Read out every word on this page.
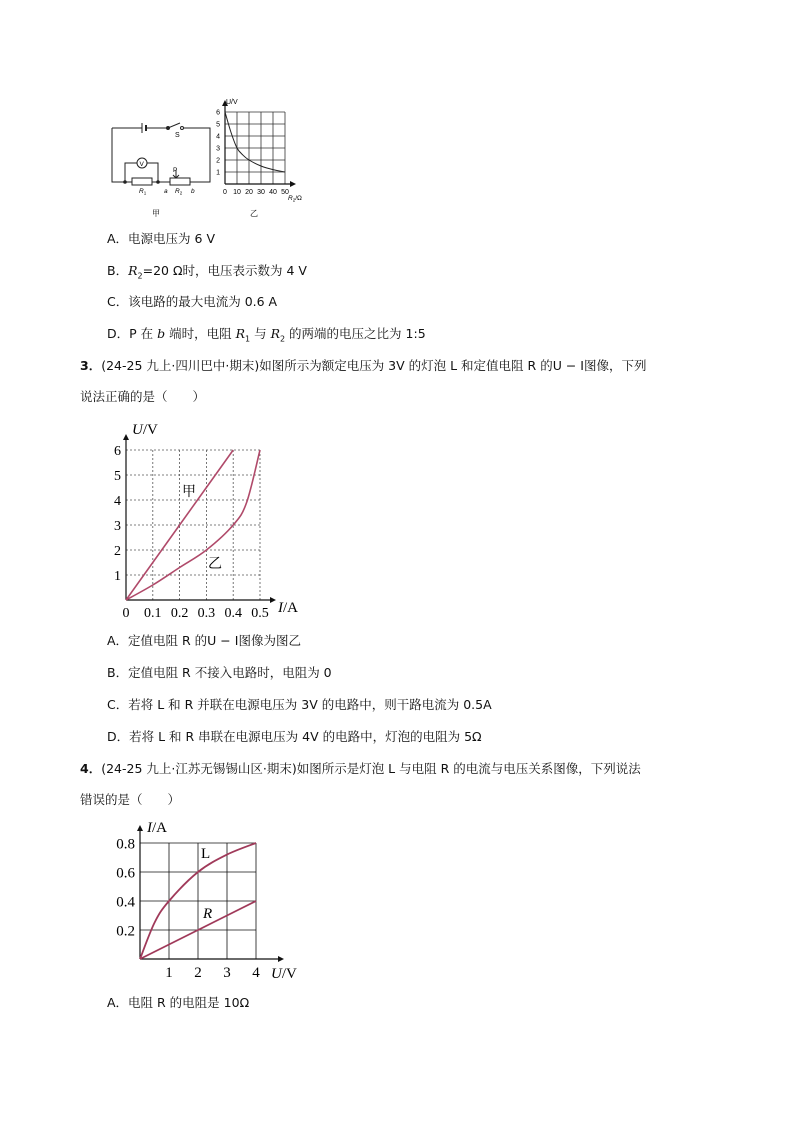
S
V
P
a	b
$R_1$	$R_2$
甲
0 10 20 30 40 50
1
2
3
4
5
6
U/V
$R_2/\Omega$
乙
A．电源电压为 6 V
B．$R_2=20$ Ω时，电压表示数为 4 V
C．该电路的最大电流为 0.6 A
D．P 在 b 端时，电阻 $R_1$ 与 $R_2$ 的两端的电压之比为 1:5
3．(24-25 九上·四川巴中·期末)如图所示为额定电压为 3V 的灯泡 L 和定值电阻 R 的U − I图像，下列
说法正确的是（　　）
0 0.1 0.2 0.3 0.4 0.5
1
2
3
4
5
6
U/V
I/A
甲
乙
A．定值电阻 R 的U − I图像为图乙
B．定值电阻 R 不接入电路时，电阻为 0
C．若将 L 和 R 并联在电源电压为 3V 的电路中，则干路电流为 0.5A
D．若将 L 和 R 串联在电源电压为 4V 的电路中，灯泡的电阻为 5Ω
4．(24-25 九上·江苏无锡锡山区·期末)如图所示是灯泡 L 与电阻 R 的电流与电压关系图像，下列说法
错误的是（　　）
1 2 3 4
0.2
0.4
0.6
0.8
I/A
U/V
L
R
A．电阻 R 的电阻是 10Ω
